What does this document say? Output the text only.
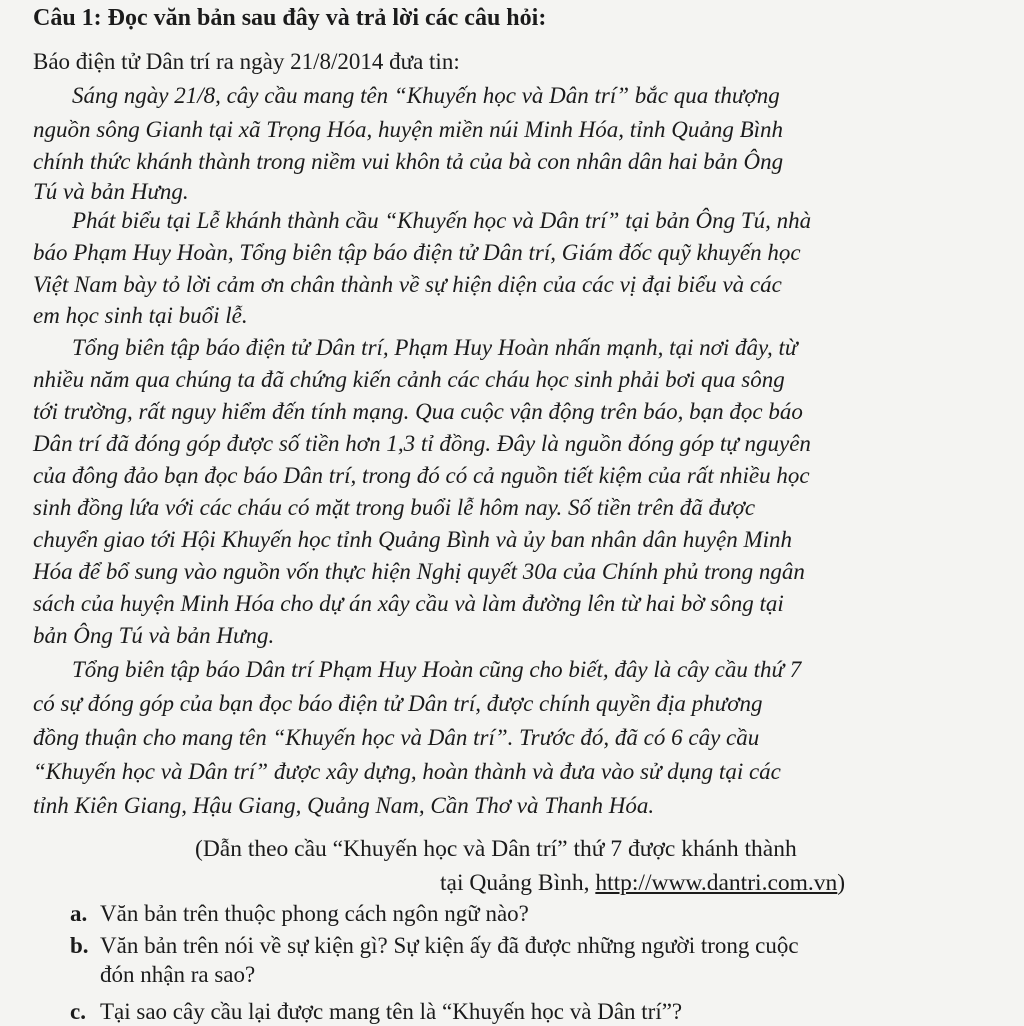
Câu 1: Đọc văn bản sau đây và trả lời các câu hỏi:
Báo điện tử Dân trí ra ngày 21/8/2014 đưa tin:
Sáng ngày 21/8, cây cầu mang tên “Khuyến học và Dân trí” bắc qua thượng
nguồn sông Gianh tại xã Trọng Hóa, huyện miền núi Minh Hóa, tỉnh Quảng Bình
chính thức khánh thành trong niềm vui khôn tả của bà con nhân dân hai bản Ông
Tú và bản Hưng.
Phát biểu tại Lễ khánh thành cầu “Khuyến học và Dân trí” tại bản Ông Tú, nhà
báo Phạm Huy Hoàn, Tổng biên tập báo điện tử Dân trí, Giám đốc quỹ khuyến học
Việt Nam bày tỏ lời cảm ơn chân thành về sự hiện diện của các vị đại biểu và các
em học sinh tại buổi lễ.
Tổng biên tập báo điện tử Dân trí, Phạm Huy Hoàn nhấn mạnh, tại nơi đây, từ
nhiều năm qua chúng ta đã chứng kiến cảnh các cháu học sinh phải bơi qua sông
tới trường, rất nguy hiểm đến tính mạng. Qua cuộc vận động trên báo, bạn đọc báo
Dân trí đã đóng góp được số tiền hơn 1,3 tỉ đồng. Đây là nguồn đóng góp tự nguyên
của đông đảo bạn đọc báo Dân trí, trong đó có cả nguồn tiết kiệm của rất nhiều học
sinh đồng lứa với các cháu có mặt trong buổi lễ hôm nay. Số tiền trên đã được
chuyển giao tới Hội Khuyến học tỉnh Quảng Bình và ủy ban nhân dân huyện Minh
Hóa để bổ sung vào nguồn vốn thực hiện Nghị quyết 30a của Chính phủ trong ngân
sách của huyện Minh Hóa cho dự án xây cầu và làm đường lên từ hai bờ sông tại
bản Ông Tú và bản Hưng.
Tổng biên tập báo Dân trí Phạm Huy Hoàn cũng cho biết, đây là cây cầu thứ 7
có sự đóng góp của bạn đọc báo điện tử Dân trí, được chính quyền địa phương
đồng thuận cho mang tên “Khuyến học và Dân trí”. Trước đó, đã có 6 cây cầu
“Khuyến học và Dân trí” được xây dựng, hoàn thành và đưa vào sử dụng tại các
tỉnh Kiên Giang, Hậu Giang, Quảng Nam, Cần Thơ và Thanh Hóa.
(Dẫn theo cầu “Khuyến học và Dân trí” thứ 7 được khánh thành
tại Quảng Bình, http://www.dantri.com.vn)
a. Văn bản trên thuộc phong cách ngôn ngữ nào?
b. Văn bản trên nói về sự kiện gì? Sự kiện ấy đã được những người trong cuộc
đón nhận ra sao?
c. Tại sao cây cầu lại được mang tên là “Khuyến học và Dân trí”?
